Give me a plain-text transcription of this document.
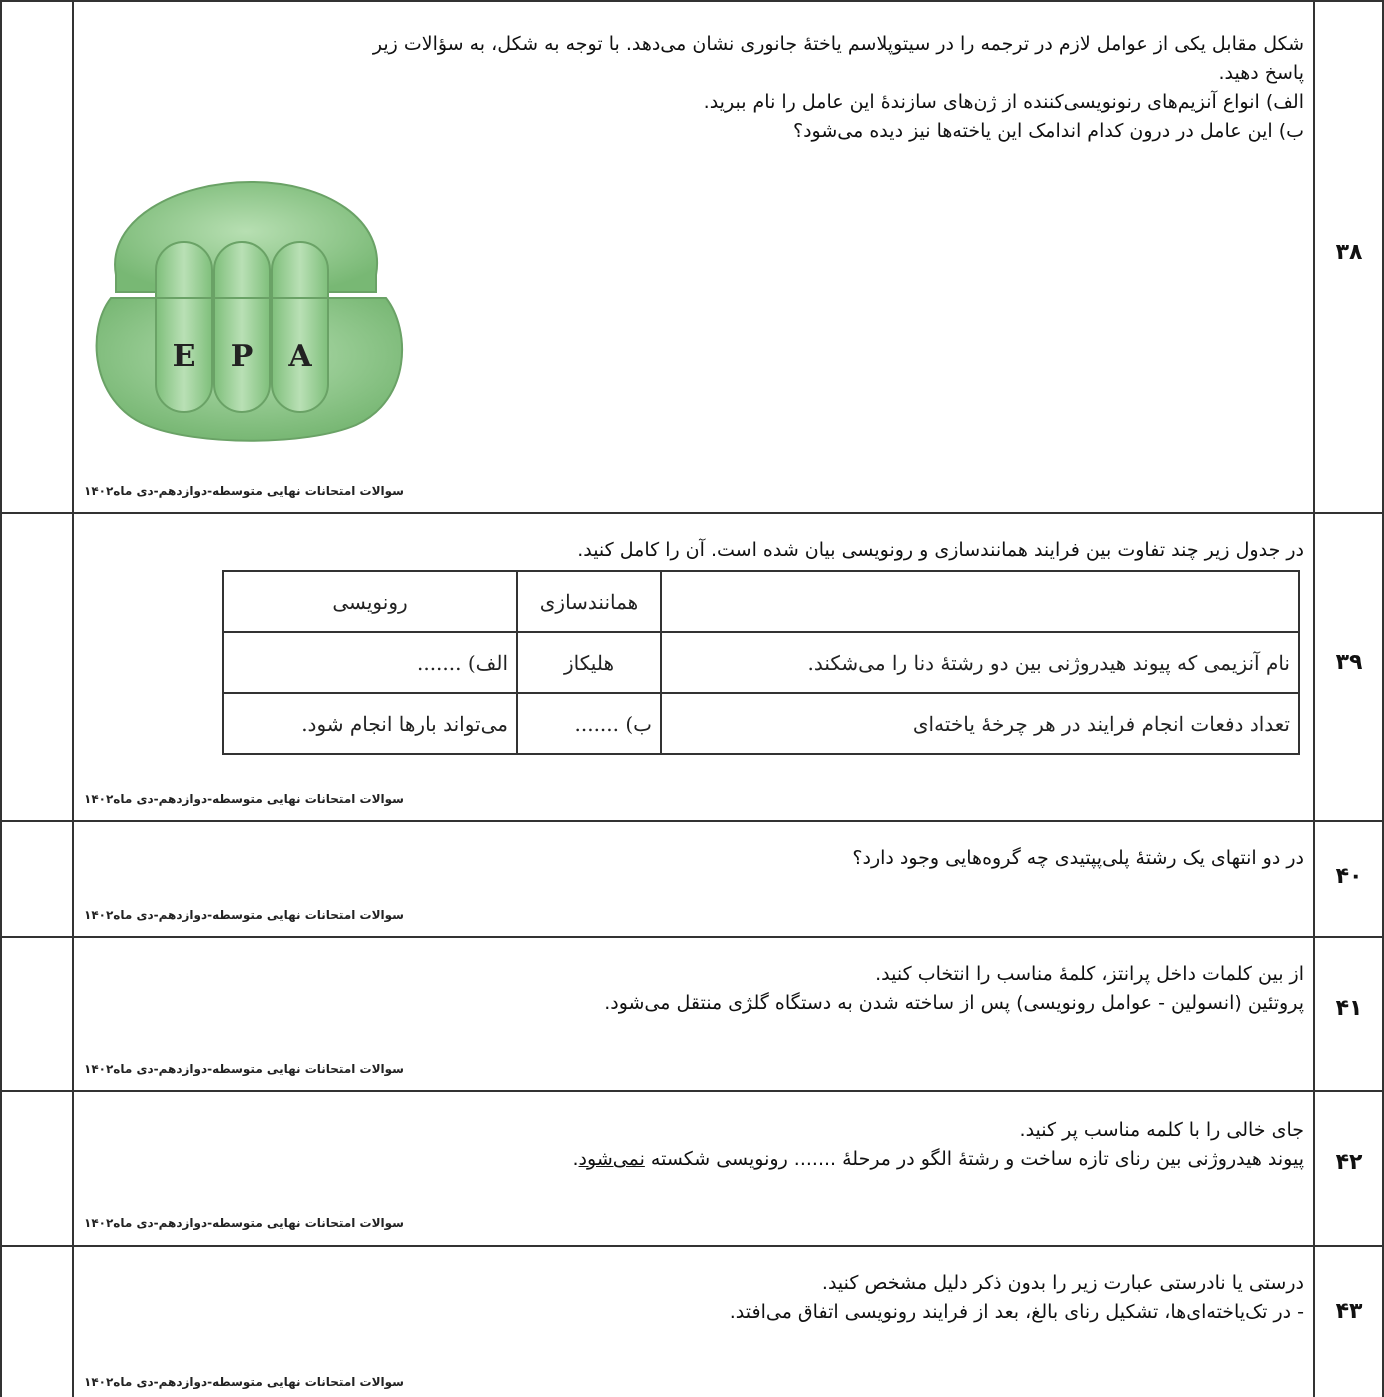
۳۸
شکل مقابل یکی از عوامل لازم در ترجمه را در سیتوپلاسم یاختهٔ جانوری نشان می‌دهد. با توجه به شکل، به سؤالات زیر
پاسخ دهید.
الف) انواع آنزیم‌های رنونویسی‌کننده از ژن‌های سازندهٔ این عامل را نام ببرید.
ب) این عامل در درون کدام اندامک این یاخته‌ها نیز دیده می‌شود؟
E P A
سوالات امتحانات نهایی متوسطه-دوازدهم-دی ماه۱۴۰۲
۳۹
در جدول زیر چند تفاوت بین فرایند همانندسازی و رونویسی بیان شده است. آن را کامل کنید.
	همانندسازی	رونویسی
نام آنزیمی که پیوند هیدروژنی بین دو رشتهٔ دنا را می‌شکند.	هلیکاز	الف) .......
تعداد دفعات انجام فرایند در هر چرخهٔ یاخته‌ای	ب) .......	می‌تواند بارها انجام شود.
سوالات امتحانات نهایی متوسطه-دوازدهم-دی ماه۱۴۰۲
۴۰
در دو انتهای یک رشتهٔ پلی‌پپتیدی چه گروه‌هایی وجود دارد؟
سوالات امتحانات نهایی متوسطه-دوازدهم-دی ماه۱۴۰۲
۴۱
از بین کلمات داخل پرانتز، کلمهٔ مناسب را انتخاب کنید.
پروتئین (انسولین - عوامل رونویسی) پس از ساخته شدن به دستگاه گلژی منتقل می‌شود.
سوالات امتحانات نهایی متوسطه-دوازدهم-دی ماه۱۴۰۲
۴۲
جای خالی را با کلمه مناسب پر کنید.
پیوند هیدروژنی بین رنای تازه ساخت و رشتهٔ الگو در مرحلهٔ ....... رونویسی شکسته نمی‌شود.
سوالات امتحانات نهایی متوسطه-دوازدهم-دی ماه۱۴۰۲
۴۳
درستی یا نادرستی عبارت زیر را بدون ذکر دلیل مشخص کنید.
- در تک‌یاخته‌ای‌ها، تشکیل رنای بالغ، بعد از فرایند رونویسی اتفاق می‌افتد.
سوالات امتحانات نهایی متوسطه-دوازدهم-دی ماه۱۴۰۲
